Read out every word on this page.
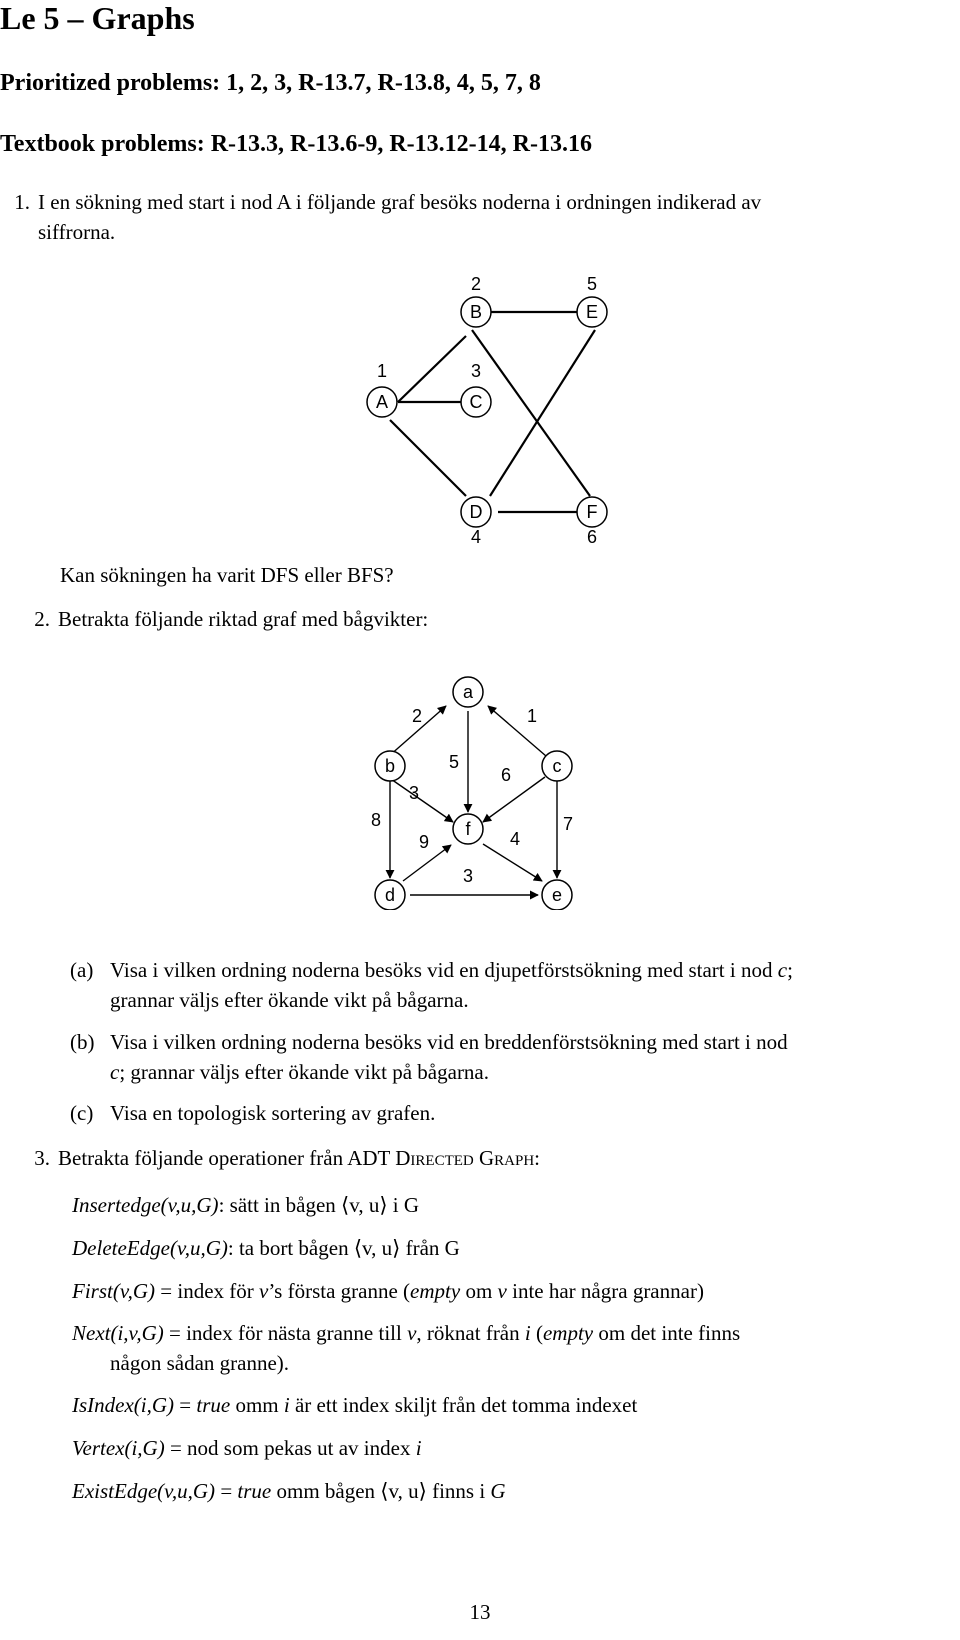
Le 5 – Graphs
Prioritized problems: 1, 2, 3, R-13.7, R-13.8, 4, 5, 7, 8
Textbook problems: R-13.3, R-13.6-9, R-13.12-14, R-13.16
1. I en sökning med start i nod A i följande graf besöks noderna i ordningen indikerad av
siffrorna.
B	E
A	C
D	F
2	5
1	3
4	6
Kan sökningen ha varit DFS eller BFS?
2. Betrakta följande riktad graf med bågvikter:
a
b	c
d	e
f
2	1
5
3
6
8
9	4
7
3
(a) Visa i vilken ordning noderna besöks vid en djupetförstsökning med start i nod c;
grannar väljs efter ökande vikt på bågarna.
(b) Visa i vilken ordning noderna besöks vid en breddenförstsökning med start i nod
c; grannar väljs efter ökande vikt på bågarna.
(c) Visa en topologisk sortering av grafen.
3. Betrakta följande operationer från ADT Directed Graph:
Insertedge(v,u,G): sätt in bågen ⟨v, u⟩ i G
DeleteEdge(v,u,G): ta bort bågen ⟨v, u⟩ från G
First(v,G) = index för v’s första granne (empty om v inte har några grannar)
Next(i,v,G) = index för nästa granne till v, röknat från i (empty om det inte finns
någon sådan granne).
IsIndex(i,G) = true omm i är ett index skiljt från det tomma indexet
Vertex(i,G) = nod som pekas ut av index i
ExistEdge(v,u,G) = true omm bågen ⟨v, u⟩ finns i G
13
